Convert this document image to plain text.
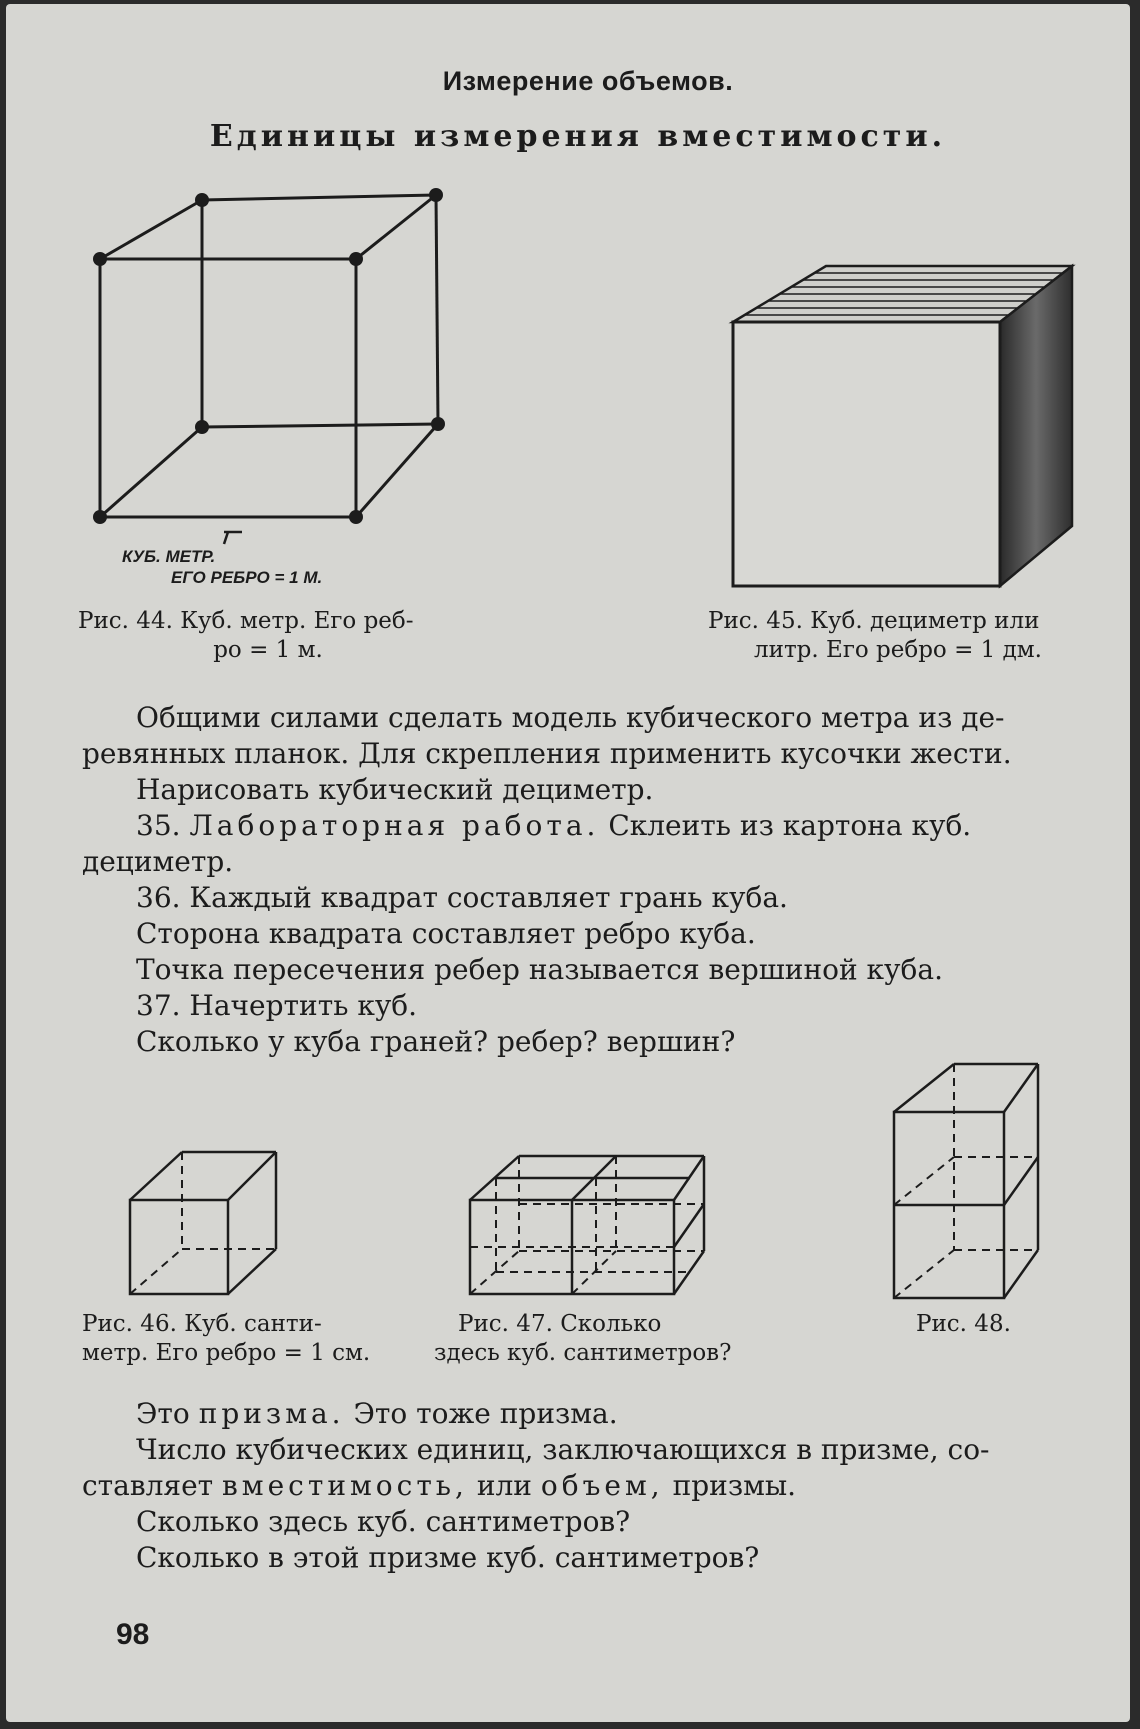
Измерение объемов.
Единицы измерения вместимости.
КУБ. МЕТР.
ЕГО РЕБРО = 1 М.
Рис. 44. Куб. метр. Его реб-
ро = 1 м.
Рис. 45. Куб. дециметр или
литр. Его ребро = 1 дм.
Общими силами сделать модель кубического метра из де-
ревянных планок. Для скрепления применить кусочки жести.
Нарисовать кубический дециметр.
35. Лабораторная работа. Склеить из картона куб.
дециметр.
36. Каждый квадрат составляет грань куба.
Сторона квадрата составляет ребро куба.
Точка пересечения ребер называется вершиной куба.
37. Начертить куб.
Сколько у куба граней? ребер? вершин?
Рис. 46. Куб. санти-
метр. Его ребро = 1 см.
Рис. 47. Сколько
здесь куб. сантиметров?
Рис. 48.
Это призма. Это тоже призма.
Число кубических единиц, заключающихся в призме, со-
ставляет вместимость, или объем, призмы.
Сколько здесь куб. сантиметров?
Сколько в этой призме куб. сантиметров?
98
